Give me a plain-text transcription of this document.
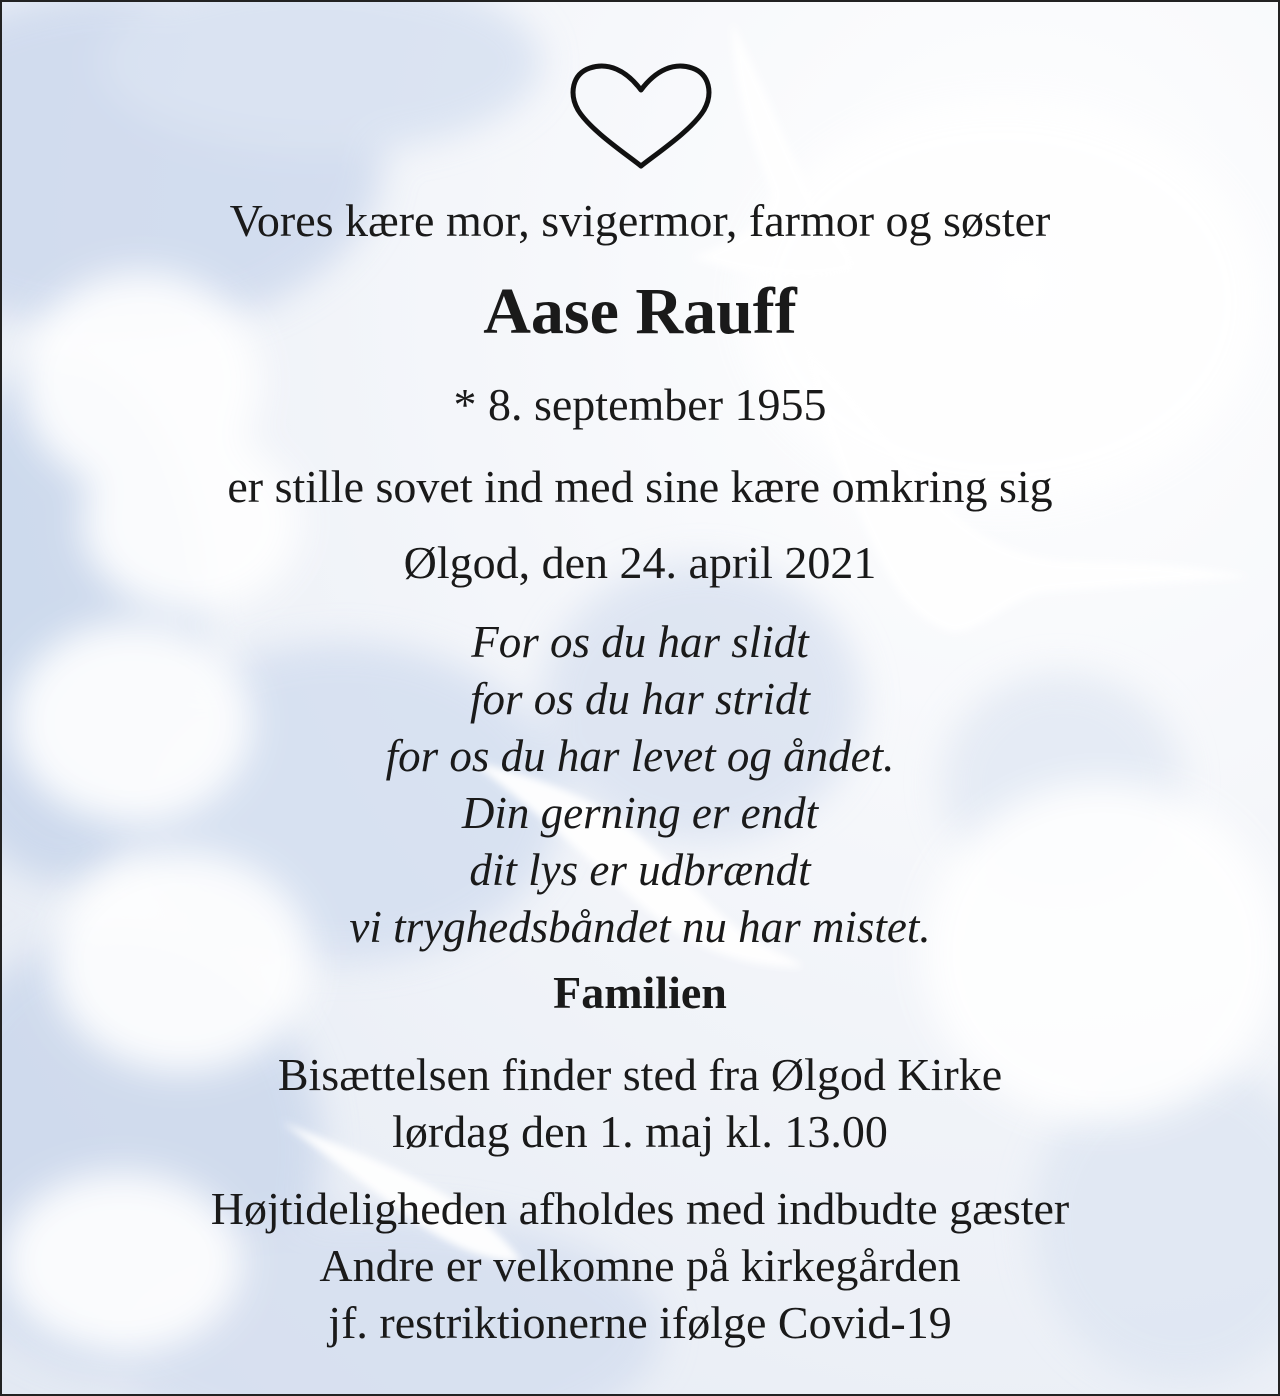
Vores kære mor, svigermor, farmor og søster
Aase Rauff
* 8. september 1955
er stille sovet ind med sine kære omkring sig
Ølgod, den 24. april 2021
For os du har slidt
for os du har stridt
for os du har levet og åndet.
Din gerning er endt
dit lys er udbrændt
vi tryghedsbåndet nu har mistet.
Familien
Bisættelsen finder sted fra Ølgod Kirke
lørdag den 1. maj kl. 13.00
Højtideligheden afholdes med indbudte gæster
Andre er velkomne på kirkegården
jf. restriktionerne ifølge Covid-19
